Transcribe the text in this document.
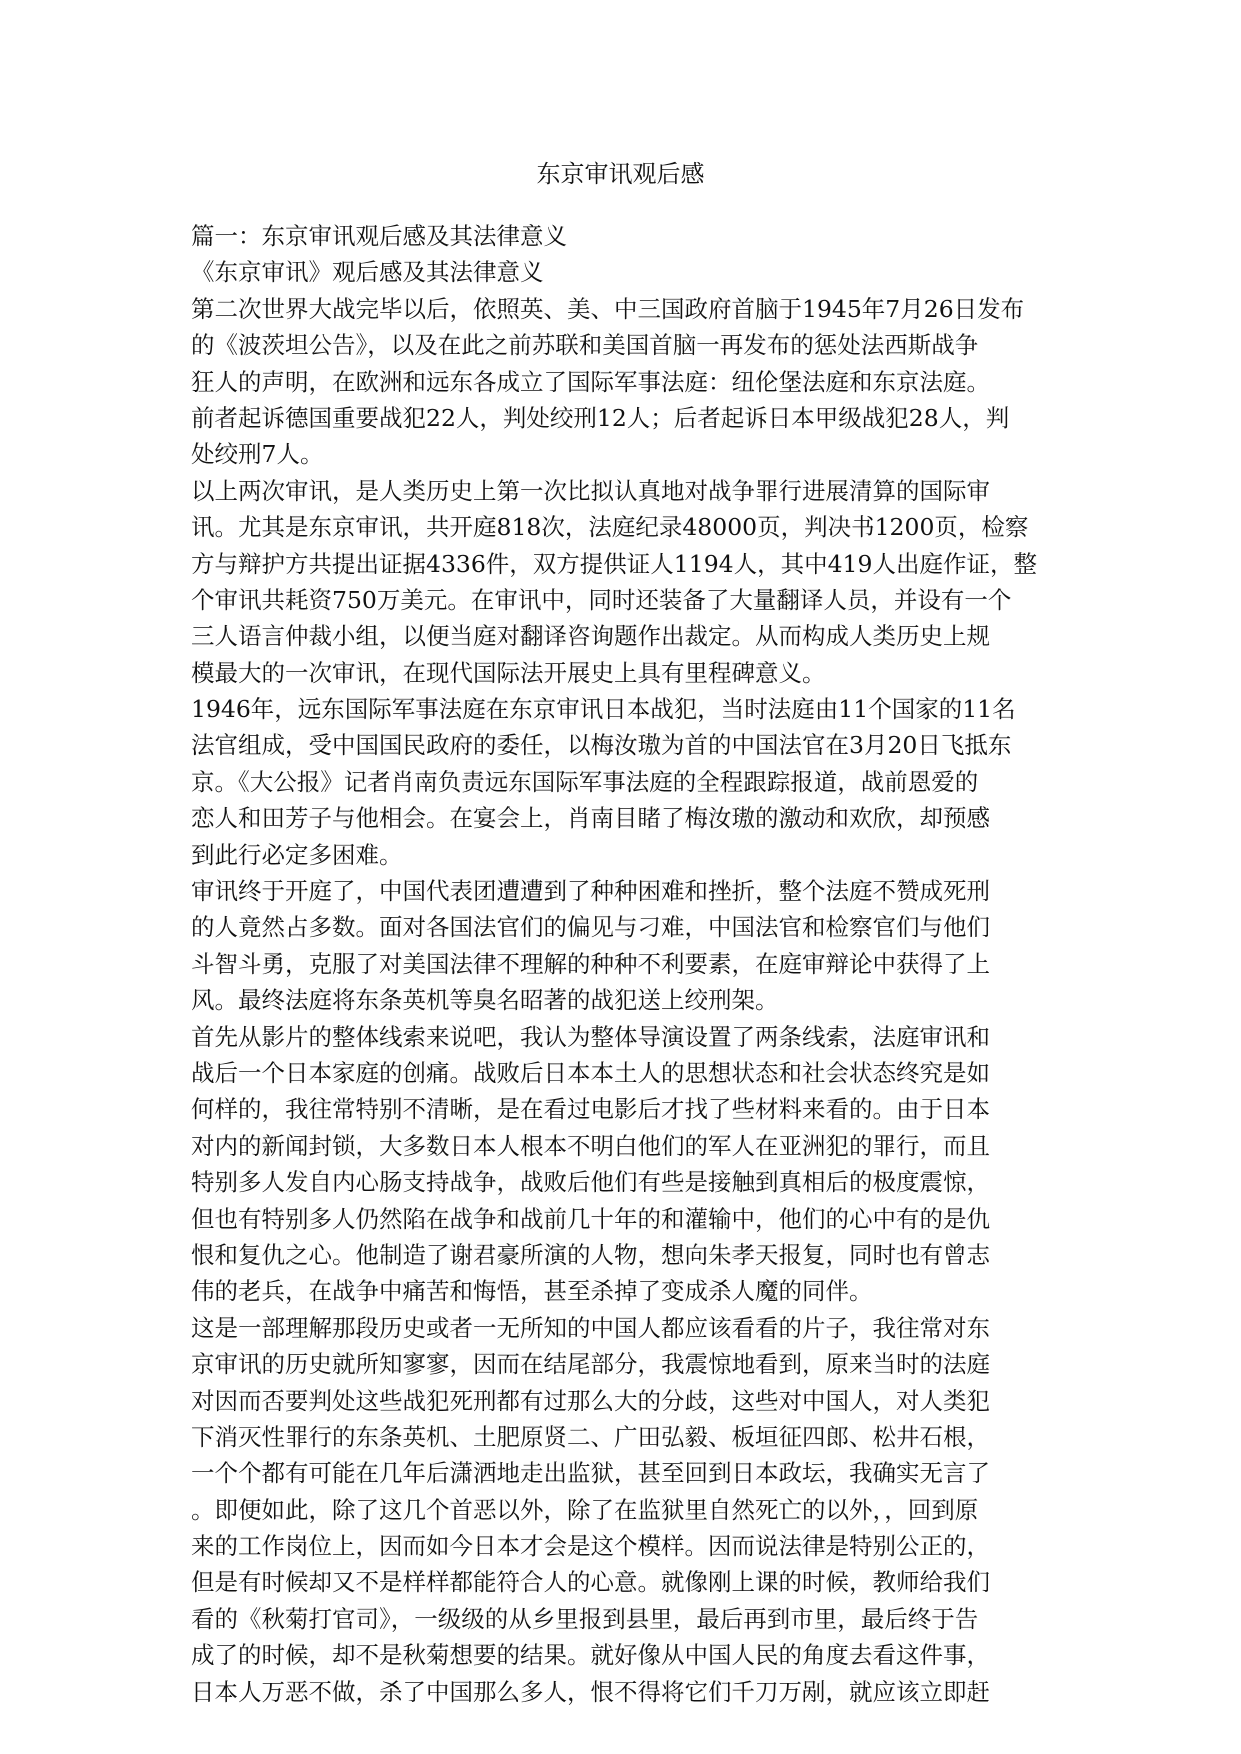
东京审讯观后感
篇一：东京审讯观后感及其法律意义
《东京审讯》观后感及其法律意义
第二次世界大战完毕以后，依照英、美、中三国政府首脑于1945年7月26日发布
的《波茨坦公告》，以及在此之前苏联和美国首脑一再发布的惩处法西斯战争
狂人的声明，在欧洲和远东各成立了国际军事法庭：纽伦堡法庭和东京法庭。
前者起诉德国重要战犯22人，判处绞刑12人；后者起诉日本甲级战犯28人，判
处绞刑7人。
以上两次审讯，是人类历史上第一次比拟认真地对战争罪行进展清算的国际审
讯。尤其是东京审讯，共开庭818次，法庭纪录48000页，判决书1200页，检察
方与辩护方共提出证据4336件，双方提供证人1194人，其中419人出庭作证，整
个审讯共耗资750万美元。在审讯中，同时还装备了大量翻译人员，并设有一个
三人语言仲裁小组，以便当庭对翻译咨询题作出裁定。从而构成人类历史上规
模最大的一次审讯，在现代国际法开展史上具有里程碑意义。
1946年，远东国际军事法庭在东京审讯日本战犯，当时法庭由11个国家的11名
法官组成，受中国国民政府的委任，以梅汝璈为首的中国法官在3月20日飞抵东
京。《大公报》记者肖南负责远东国际军事法庭的全程跟踪报道，战前恩爱的
恋人和田芳子与他相会。在宴会上，肖南目睹了梅汝璈的激动和欢欣，却预感
到此行必定多困难。
审讯终于开庭了，中国代表团遭遭到了种种困难和挫折，整个法庭不赞成死刑
的人竟然占多数。面对各国法官们的偏见与刁难，中国法官和检察官们与他们
斗智斗勇，克服了对美国法律不理解的种种不利要素，在庭审辩论中获得了上
风。最终法庭将东条英机等臭名昭著的战犯送上绞刑架。
首先从影片的整体线索来说吧，我认为整体导演设置了两条线索，法庭审讯和
战后一个日本家庭的创痛。战败后日本本土人的思想状态和社会状态终究是如
何样的，我往常特别不清晰，是在看过电影后才找了些材料来看的。由于日本
对内的新闻封锁，大多数日本人根本不明白他们的军人在亚洲犯的罪行，而且
特别多人发自内心肠支持战争，战败后他们有些是接触到真相后的极度震惊，
但也有特别多人仍然陷在战争和战前几十年的和灌输中，他们的心中有的是仇
恨和复仇之心。他制造了谢君豪所演的人物，想向朱孝天报复，同时也有曾志
伟的老兵，在战争中痛苦和悔悟，甚至杀掉了变成杀人魔的同伴。
这是一部理解那段历史或者一无所知的中国人都应该看看的片子，我往常对东
京审讯的历史就所知寥寥，因而在结尾部分，我震惊地看到，原来当时的法庭
对因而否要判处这些战犯死刑都有过那么大的分歧，这些对中国人，对人类犯
下消灭性罪行的东条英机、土肥原贤二、广田弘毅、板垣征四郎、松井石根，
一个个都有可能在几年后潇洒地走出监狱，甚至回到日本政坛，我确实无言了
。即便如此，除了这几个首恶以外，除了在监狱里自然死亡的以外，，回到原
来的工作岗位上，因而如今日本才会是这个模样。因而说法律是特别公正的，
但是有时候却又不是样样都能符合人的心意。就像刚上课的时候，教师给我们
看的《秋菊打官司》，一级级的从乡里报到县里，最后再到市里，最后终于告
成了的时候，却不是秋菊想要的结果。就好像从中国人民的角度去看这件事，
日本人万恶不做，杀了中国那么多人，恨不得将它们千刀万剐，就应该立即赶
